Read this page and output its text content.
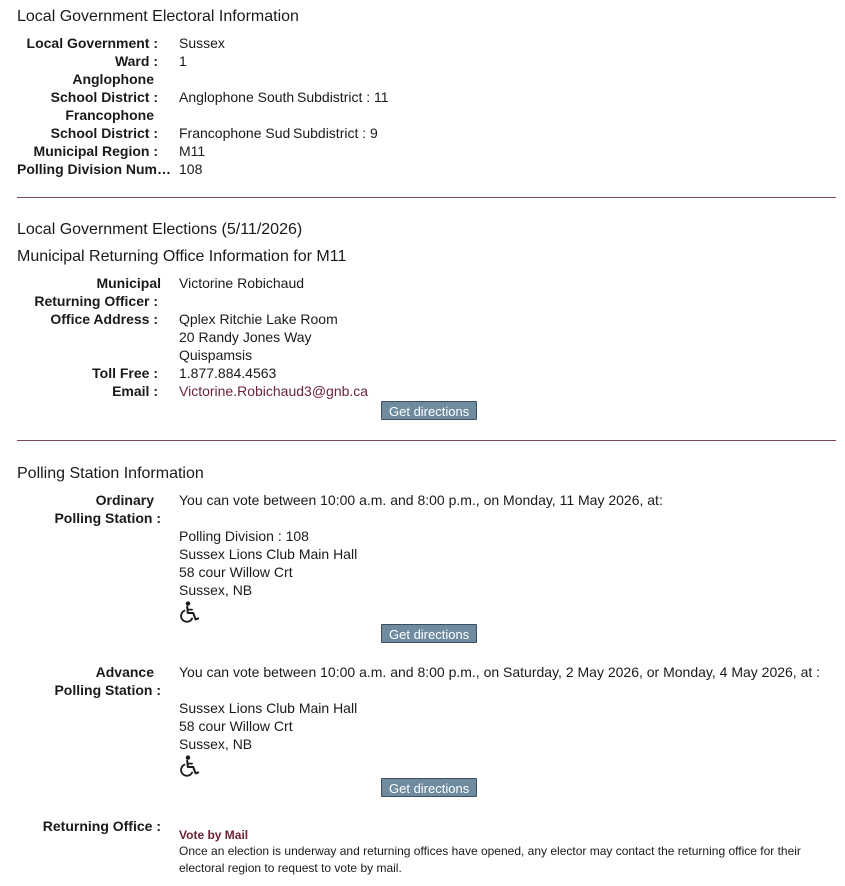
Local Government Electoral Information
Local Government : Sussex
Ward : 1
Anglophone
School District : Anglophone South Subdistrict : 11
Francophone
School District : Francophone Sud Subdistrict : 9
Municipal Region : M11
Polling Division Num… 108
Local Government Elections (5/11/2026)
Municipal Returning Office Information for M11
Municipal
Returning Officer :
Victorine Robichaud
Office Address : Qplex Ritchie Lake Room
20 Randy Jones Way
Quispamsis
Toll Free : 1.877.884.4563
Email : Victorine.Robichaud3@gnb.ca
Get directions
Polling Station Information
Ordinary
Polling Station :
You can vote between 10:00 a.m. and 8:00 p.m., on Monday, 11 May 2026, at:
Polling Division : 108
Sussex Lions Club Main Hall
58 cour Willow Crt
Sussex, NB
Get directions
Advance
Polling Station :
You can vote between 10:00 a.m. and 8:00 p.m., on Saturday, 2 May 2026, or Monday, 4 May 2026, at :
Sussex Lions Club Main Hall
58 cour Willow Crt
Sussex, NB
Get directions
Returning Office :
Vote by Mail
Once an election is underway and returning offices have opened, any elector may contact the returning office for their electoral region to request to vote by mail.
